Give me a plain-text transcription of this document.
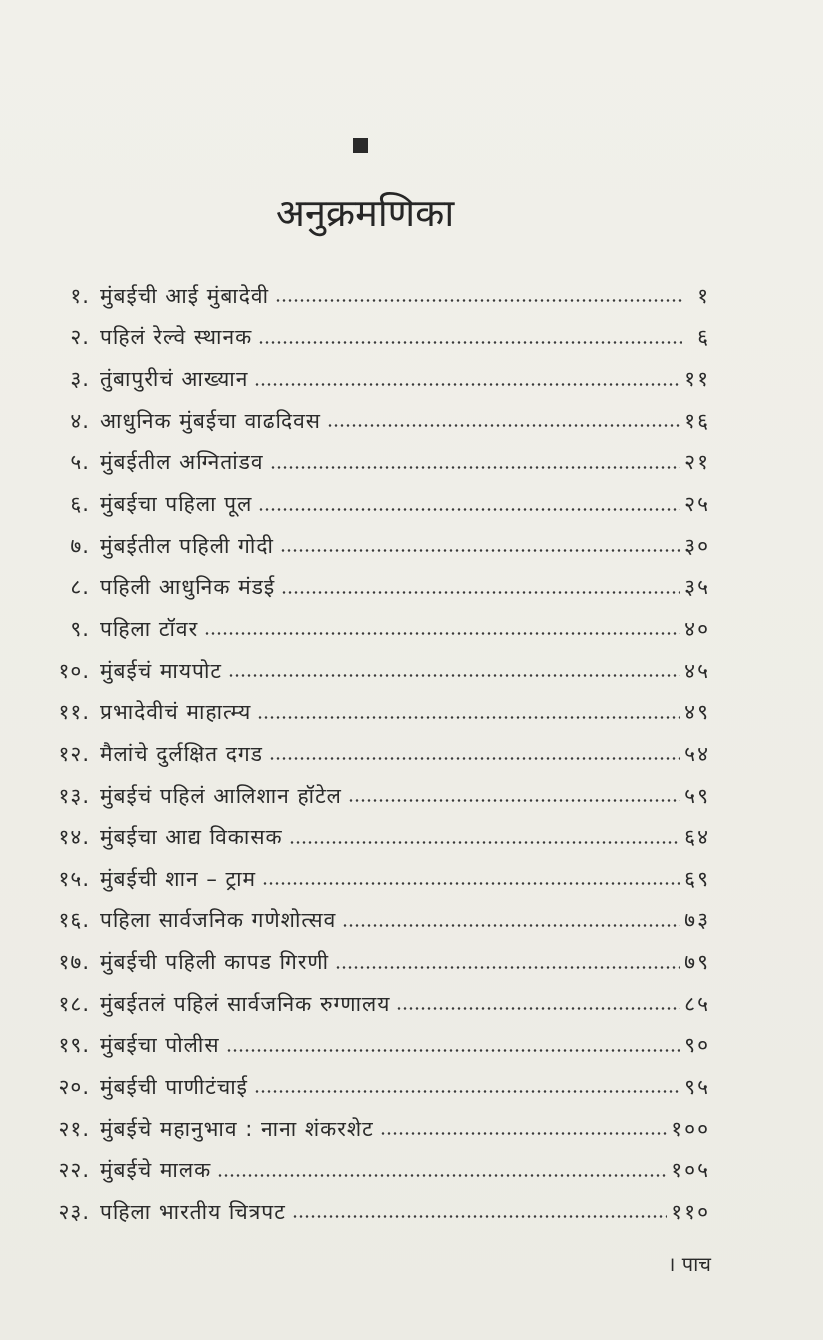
अनुक्रमणिका
१. मुंबईची आई मुंबादेवी	१
२. पहिलं रेल्वे स्थानक	६
३. तुंबापुरीचं आख्यान	११
४. आधुनिक मुंबईचा वाढदिवस	१६
५. मुंबईतील अग्नितांडव	२१
६. मुंबईचा पहिला पूल	२५
७. मुंबईतील पहिली गोदी	३०
८. पहिली आधुनिक मंडई	३५
९. पहिला टॉवर	४०
१०. मुंबईचं मायपोट	४५
११. प्रभादेवीचं माहात्म्य	४९
१२. मैलांचे दुर्लक्षित दगड	५४
१३. मुंबईचं पहिलं आलिशान हॉटेल	५९
१४. मुंबईचा आद्य विकासक	६४
१५. मुंबईची शान – ट्राम	६९
१६. पहिला सार्वजनिक गणेशोत्सव	७३
१७. मुंबईची पहिली कापड गिरणी	७९
१८. मुंबईतलं पहिलं सार्वजनिक रुग्णालय	८५
१९. मुंबईचा पोलीस	९०
२०. मुंबईची पाणीटंचाई	९५
२१. मुंबईचे महानुभाव : नाना शंकरशेट	१००
२२. मुंबईचे मालक	१०५
२३. पहिला भारतीय चित्रपट	११०
। पाच
